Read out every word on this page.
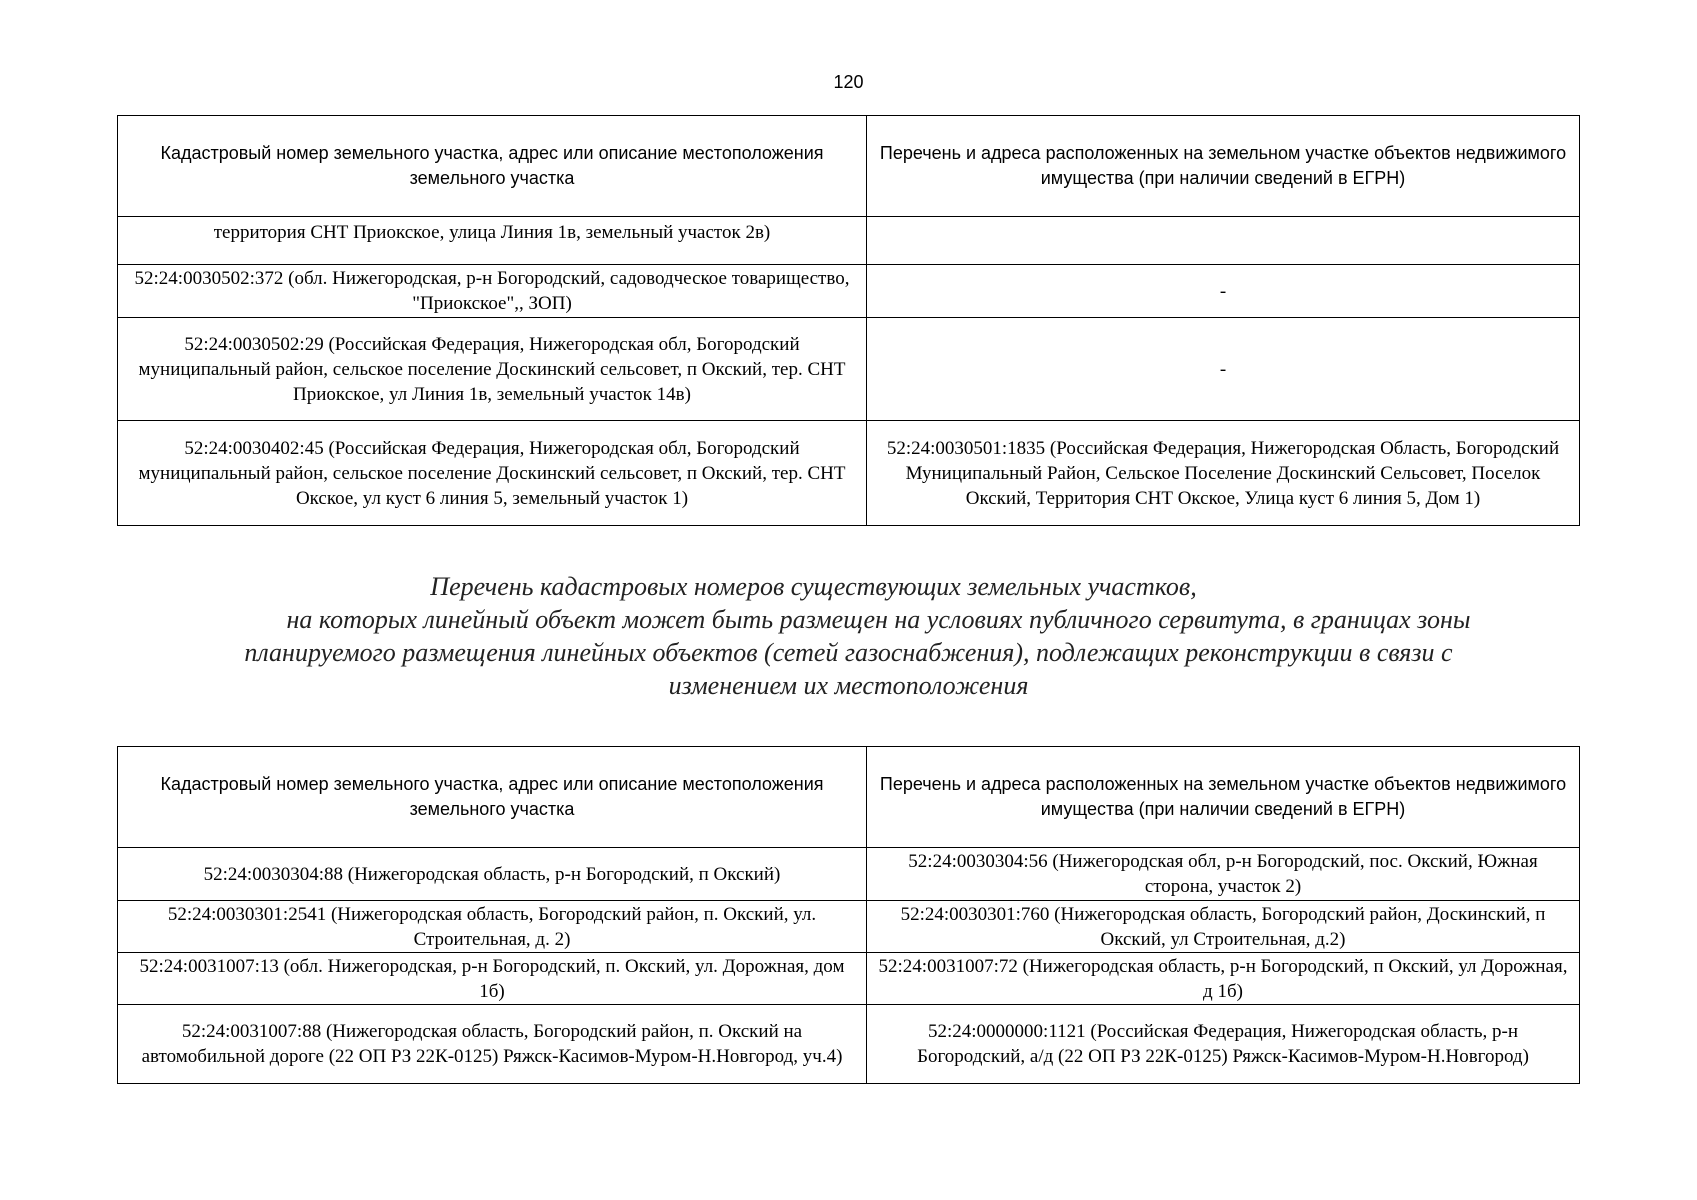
120
Кадастровый номер земельного участка, адрес или описание местоположения земельного участка	Перечень и адреса расположенных на земельном участке объектов недвижимого имущества (при наличии сведений в ЕГРН)
территория СНТ Приокское, улица Линия 1в, земельный участок 2в)	
52:24:0030502:372 (обл. Нижегородская, р-н Богородский, садоводческое товарищество, "Приокское",, ЗОП)	-
52:24:0030502:29 (Российская Федерация, Нижегородская обл, Богородский муниципальный район, сельское поселение Доскинский сельсовет, п Окский, тер. СНТ Приокское, ул Линия 1в, земельный участок 14в)	-
52:24:0030402:45 (Российская Федерация, Нижегородская обл, Богородский муниципальный район, сельское поселение Доскинский сельсовет, п Окский, тер. СНТ Окское, ул куст 6 линия 5, земельный участок 1)	52:24:0030501:1835 (Российская Федерация, Нижегородская Область, Богородский Муниципальный Район, Сельское Поселение Доскинский Сельсовет, Поселок Окский, Территория СНТ Окское, Улица куст 6 линия 5, Дом 1)
Перечень кадастровых номеров существующих земельных участков,
на которых линейный объект может быть размещен на условиях публичного сервитута, в границах зоны
планируемого размещения линейных объектов (сетей газоснабжения), подлежащих реконструкции в связи с
изменением их местоположения
Кадастровый номер земельного участка, адрес или описание местоположения земельного участка	Перечень и адреса расположенных на земельном участке объектов недвижимого имущества (при наличии сведений в ЕГРН)
52:24:0030304:88 (Нижегородская область, р-н Богородский, п Окский)	52:24:0030304:56 (Нижегородская обл, р-н Богородский, пос. Окский, Южная сторона, участок 2)
52:24:0030301:2541 (Нижегородская область, Богородский район, п. Окский, ул. Строительная, д. 2)	52:24:0030301:760 (Нижегородская область, Богородский район, Доскинский, п Окский, ул Строительная, д.2)
52:24:0031007:13 (обл. Нижегородская, р-н Богородский, п. Окский, ул. Дорожная, дом 1б)	52:24:0031007:72 (Нижегородская область, р-н Богородский, п Окский, ул Дорожная, д 1б)
52:24:0031007:88 (Нижегородская область, Богородский район, п. Окский на автомобильной дороге (22 ОП РЗ 22К-0125) Ряжск-Касимов-Муром-Н.Новгород, уч.4)	52:24:0000000:1121 (Российская Федерация, Нижегородская область, р-н Богородский, а/д (22 ОП РЗ 22К-0125) Ряжск-Касимов-Муром-Н.Новгород)
